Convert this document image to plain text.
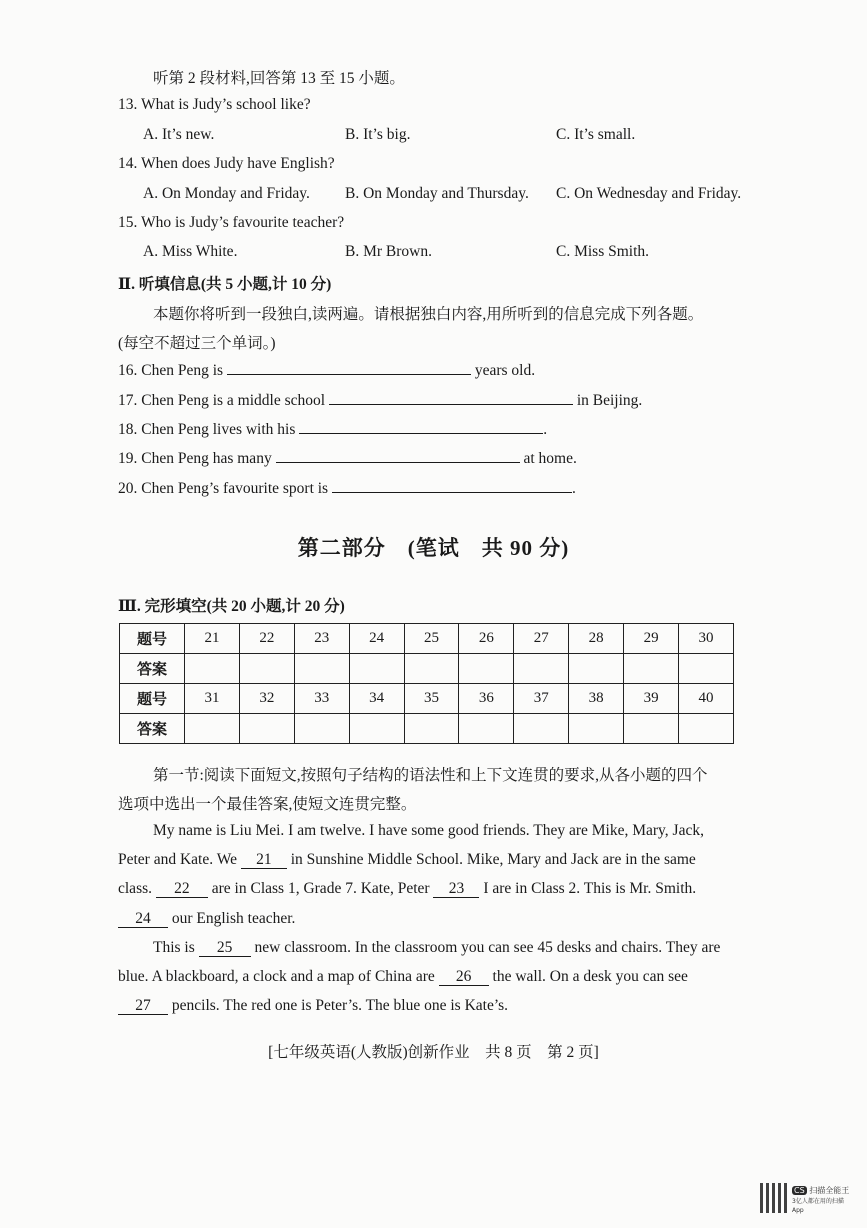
听第 2 段材料,回答第 13 至 15 小题。
13. What is Judy’s school like?
A. It’s new.	B. It’s big.	C. It’s small.
14. When does Judy have English?
A. On Monday and Friday. B. On Monday and Thursday. C. On Wednesday and Friday.
15. Who is Judy’s favourite teacher?
A. Miss White.	B. Mr Brown.	C. Miss Smith.
Ⅱ. 听填信息(共 5 小题,计 10 分)
本题你将听到一段独白,读两遍。请根据独白内容,用所听到的信息完成下列各题。
(每空不超过三个单词。)
16. Chen Peng is	years old.
17. Chen Peng is a middle school	in Beijing.
18. Chen Peng lives with his	.
19. Chen Peng has many	at home.
20. Chen Peng’s favourite sport is	.
第二部分　(笔试　共 90 分)
Ⅲ. 完形填空(共 20 小题,计 20 分)
题号	21	22	23	24	25	26	27	28	29	30
答案										
题号	31	32	33	34	35	36	37	38	39	40
答案										
第一节:阅读下面短文,按照句子结构的语法性和上下文连贯的要求,从各小题的四个
选项中选出一个最佳答案,使短文连贯完整。
My name is Liu Mei. I am twelve. I have some good friends. They are Mike, Mary, Jack,
Peter and Kate. We 21 in Sunshine Middle School. Mike, Mary and Jack are in the same
class. 22 are in Class 1, Grade 7. Kate, Peter 23 I are in Class 2. This is Mr. Smith.
24 our English teacher.
This is 25 new classroom. In the classroom you can see 45 desks and chairs. They are
blue. A blackboard, a clock and a map of China are 26 the wall. On a desk you can see
27 pencils. The red one is Peter’s. The blue one is Kate’s.
[七年级英语(人教版)创新作业　共 8 页　第 2 页]
CS 扫描全能王
3亿人都在用的扫描App
